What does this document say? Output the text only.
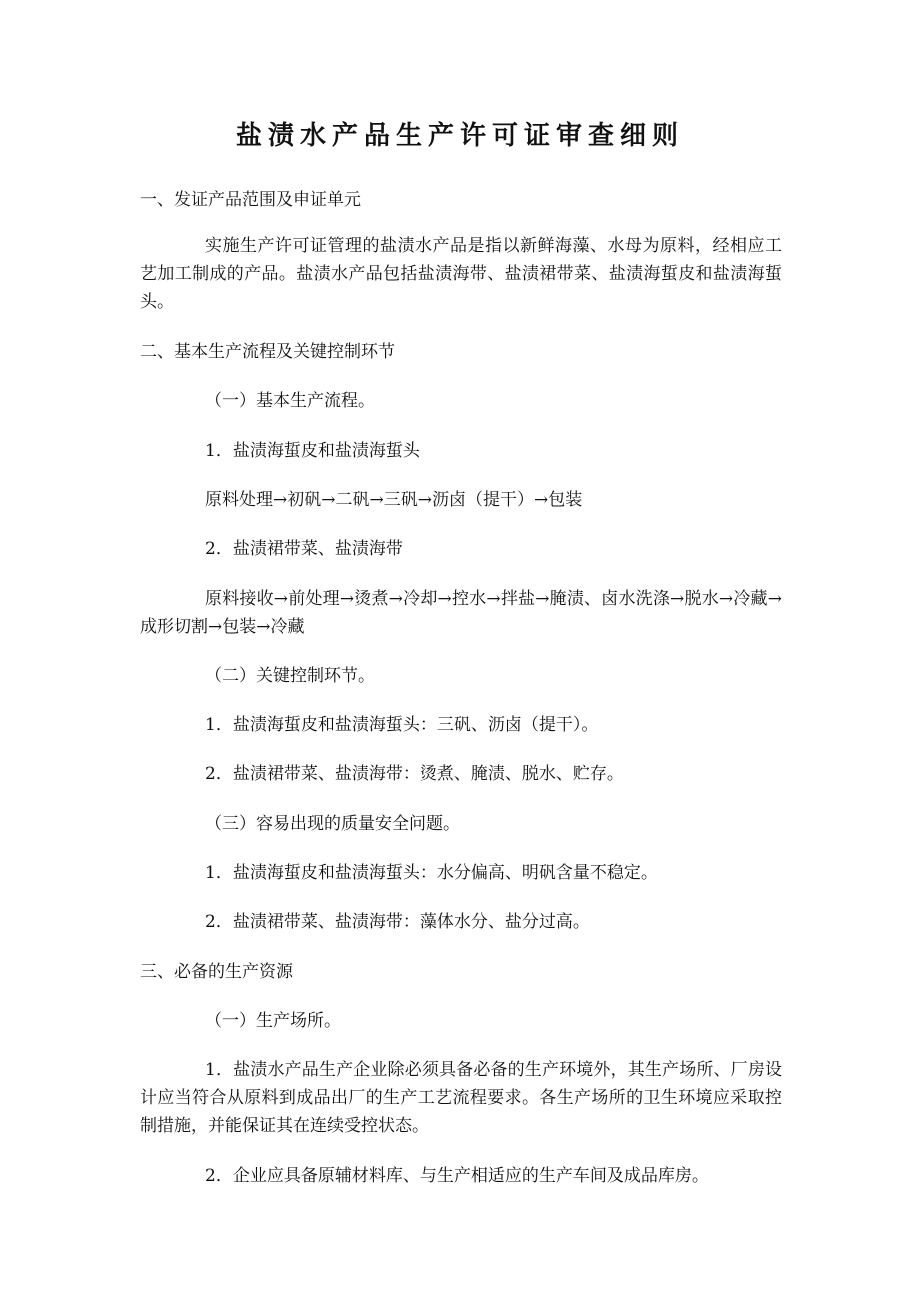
盐渍水产品生产许可证审查细则

一、发证产品范围及申证单元

实施生产许可证管理的盐渍水产品是指以新鲜海藻、水母为原料，经相应工艺加工制成的产品。盐渍水产品包括盐渍海带、盐渍裙带菜、盐渍海蜇皮和盐渍海蜇头。

二、基本生产流程及关键控制环节

（一）基本生产流程。

1．盐渍海蜇皮和盐渍海蜇头

原料处理→初矾→二矾→三矾→沥卤（提干）→包装

2．盐渍裙带菜、盐渍海带

原料接收→前处理→烫煮→冷却→控水→拌盐→腌渍、卤水洗涤→脱水→冷藏→成形切割→包装→冷藏

（二）关键控制环节。

1．盐渍海蜇皮和盐渍海蜇头：三矾、沥卤（提干）。

2．盐渍裙带菜、盐渍海带：烫煮、腌渍、脱水、贮存。

（三）容易出现的质量安全问题。

1．盐渍海蜇皮和盐渍海蜇头：水分偏高、明矾含量不稳定。

2．盐渍裙带菜、盐渍海带：藻体水分、盐分过高。

三、必备的生产资源

（一）生产场所。

1．盐渍水产品生产企业除必须具备必备的生产环境外，其生产场所、厂房设计应当符合从原料到成品出厂的生产工艺流程要求。各生产场所的卫生环境应采取控制措施，并能保证其在连续受控状态。

2．企业应具备原辅材料库、与生产相适应的生产车间及成品库房。
